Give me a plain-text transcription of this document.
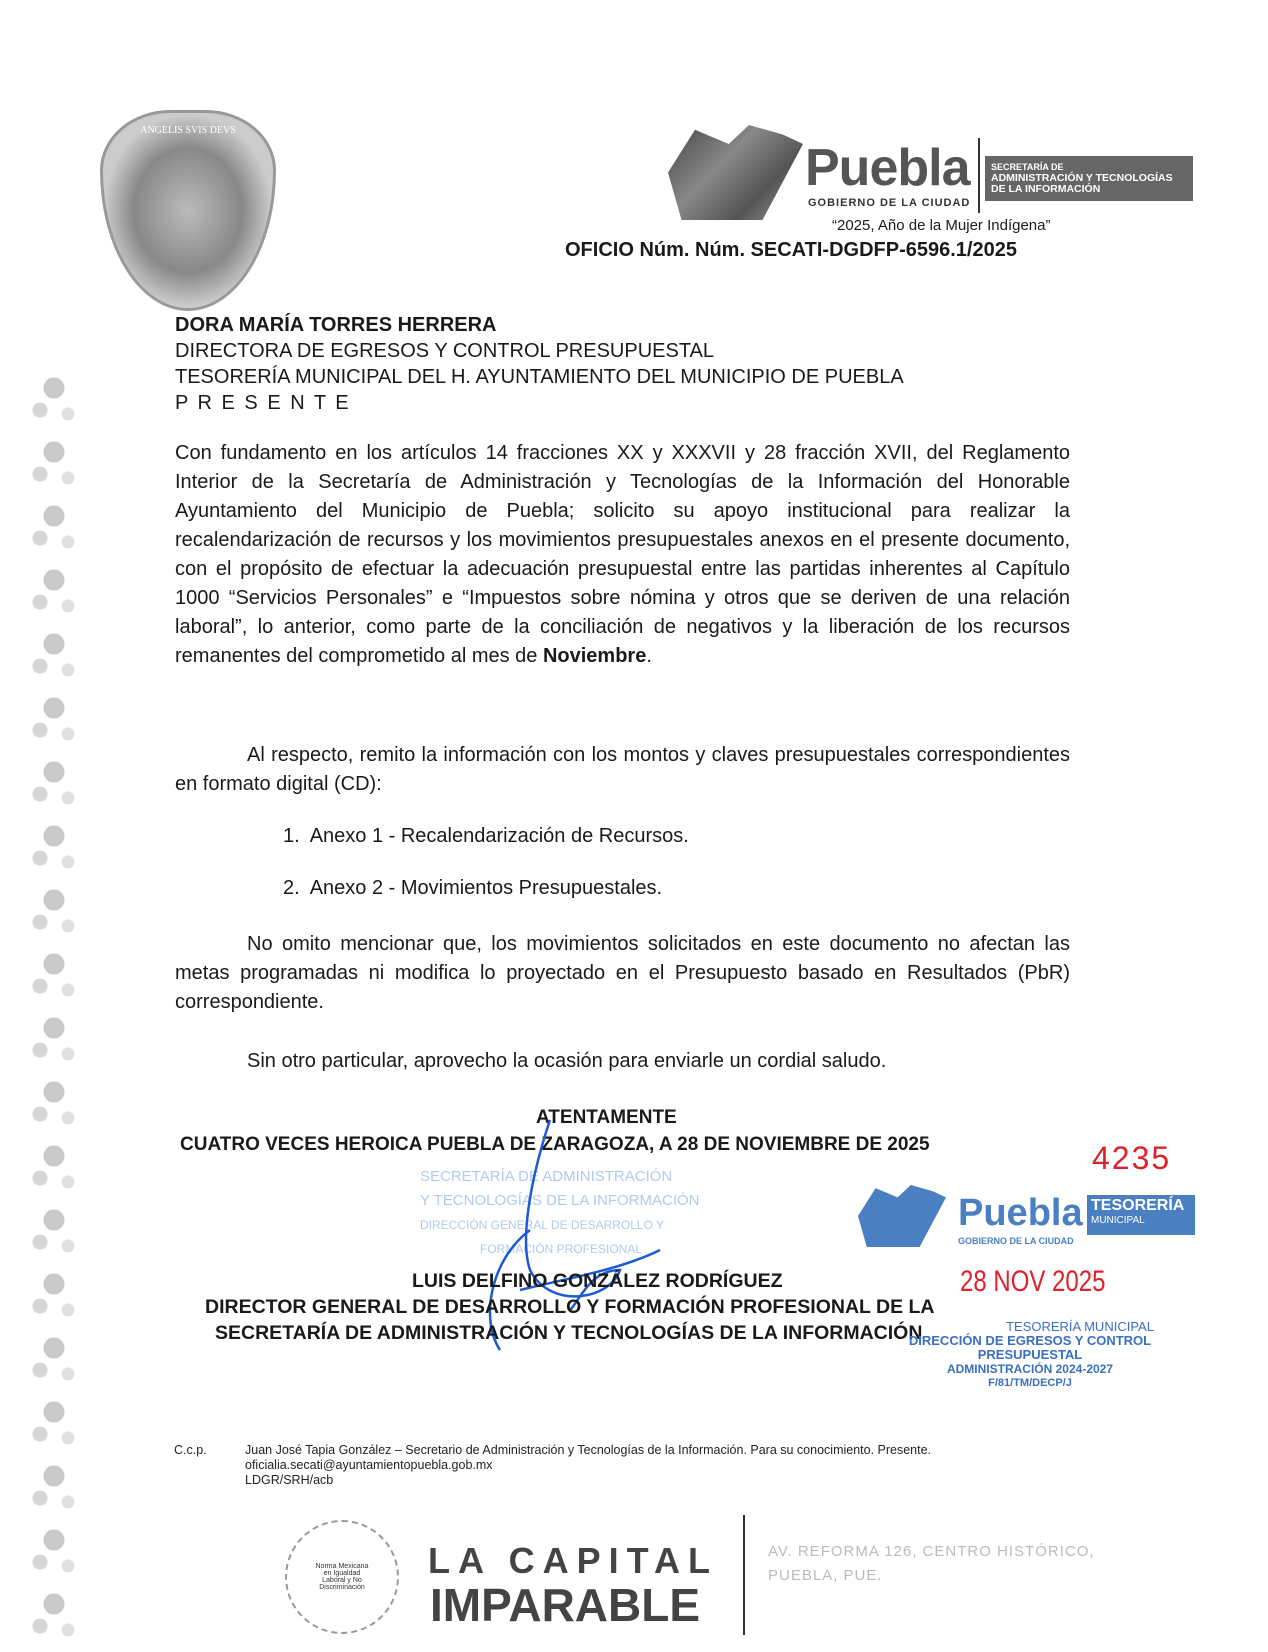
ANGELIS SVIS DEVS
Puebla
GOBIERNO DE LA CIUDAD
SECRETARÍA DE
ADMINISTRACIÓN Y TECNOLOGÍAS
DE LA INFORMACIÓN
“2025, Año de la Mujer Indígena”
OFICIO Núm. Núm. SECATI-DGDFP-6596.1/2025
DORA MARÍA TORRES HERRERA
DIRECTORA DE EGRESOS Y CONTROL PRESUPUESTAL
TESORERÍA MUNICIPAL DEL H. AYUNTAMIENTO DEL MUNICIPIO DE PUEBLA
P R E S E N T E
Con fundamento en los artículos 14 fracciones XX y XXXVII y 28 fracción XVII, del Reglamento Interior de la Secretaría de Administración y Tecnologías de la Información del Honorable Ayuntamiento del Municipio de Puebla; solicito su apoyo institucional para realizar la recalendarización de recursos y los movimientos presupuestales anexos en el presente documento, con el propósito de efectuar la adecuación presupuestal entre las partidas inherentes al Capítulo 1000 “Servicios Personales” e “Impuestos sobre nómina y otros que se deriven de una relación laboral”, lo anterior, como parte de la conciliación de negativos y la liberación de los recursos remanentes del comprometido al mes de Noviembre.
Al respecto, remito la información con los montos y claves presupuestales correspondientes en formato digital (CD):
1.  Anexo 1 - Recalendarización de Recursos.
2.  Anexo 2 - Movimientos Presupuestales.
No omito mencionar que, los movimientos solicitados en este documento no afectan las metas programadas ni modifica lo proyectado en el Presupuesto basado en Resultados (PbR) correspondiente.
Sin otro particular, aprovecho la ocasión para enviarle un cordial saludo.
SECRETARÍA DE ADMINISTRACIÓN
Y TECNOLOGÍAS DE LA INFORMACIÓN
DIRECCIÓN GENERAL DE DESARROLLO Y
FORMACIÓN PROFESIONAL
ATENTAMENTE
CUATRO VECES HEROICA PUEBLA DE ZARAGOZA, A 28 DE NOVIEMBRE DE 2025	4235
Puebla
GOBIERNO DE LA CIUDAD
TESORERÍA
MUNICIPAL
28 NOV 2025
LUIS DELFINO GONZÁLEZ RODRÍGUEZ
DIRECTOR GENERAL DE DESARROLLO Y FORMACIÓN PROFESIONAL DE LA
SECRETARÍA DE ADMINISTRACIÓN Y TECNOLOGÍAS DE LA INFORMACIÓN	TESORERÍA MUNICIPAL
DIRECCIÓN DE EGRESOS Y CONTROL
PRESUPUESTAL
ADMINISTRACIÓN 2024-2027
F/81/TM/DECP/J
C.c.p.	Juan José Tapia González – Secretario de Administración y Tecnologías de la Información. Para su conocimiento. Presente.
oficialia.secati@ayuntamientopuebla.gob.mx
LDGR/SRH/acb
Norma Mexicana en Igualdad Laboral y No Discriminación
LA CAPITAL
IMPARABLE
AV. REFORMA 126, CENTRO HISTÓRICO,
PUEBLA, PUE.
